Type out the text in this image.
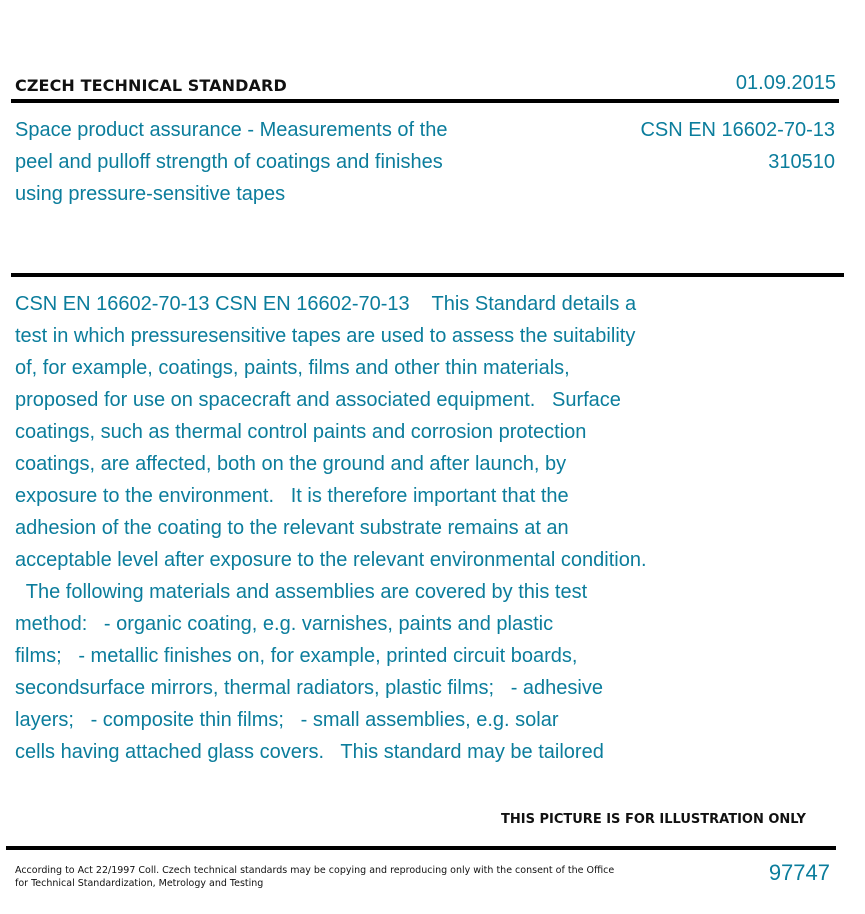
CZECH TECHNICAL STANDARD	01.09.2015
Space product assurance - Measurements of the
peel and pulloff strength of coatings and finishes
using pressure-sensitive tapes
CSN EN 16602-70-13
310510
CSN EN 16602-70-13 CSN EN 16602-70-13    This Standard details a
test in which pressuresensitive tapes are used to assess the suitability
of, for example, coatings, paints, films and other thin materials,
proposed for use on spacecraft and associated equipment.   Surface
coatings, such as thermal control paints and corrosion protection
coatings, are affected, both on the ground and after launch, by
exposure to the environment.   It is therefore important that the
adhesion of the coating to the relevant substrate remains at an
acceptable level after exposure to the relevant environmental condition.
The following materials and assemblies are covered by this test
method:   - organic coating, e.g. varnishes, paints and plastic
films;   - metallic finishes on, for example, printed circuit boards,
secondsurface mirrors, thermal radiators, plastic films;   - adhesive
layers;   - composite thin films;   - small assemblies, e.g. solar
cells having attached glass covers.   This standard may be tailored
THIS PICTURE IS FOR ILLUSTRATION ONLY
According to Act 22/1997 Coll. Czech technical standards may be copying and reproducing only with the consent of the Office
for Technical Standardization, Metrology and Testing	97747
